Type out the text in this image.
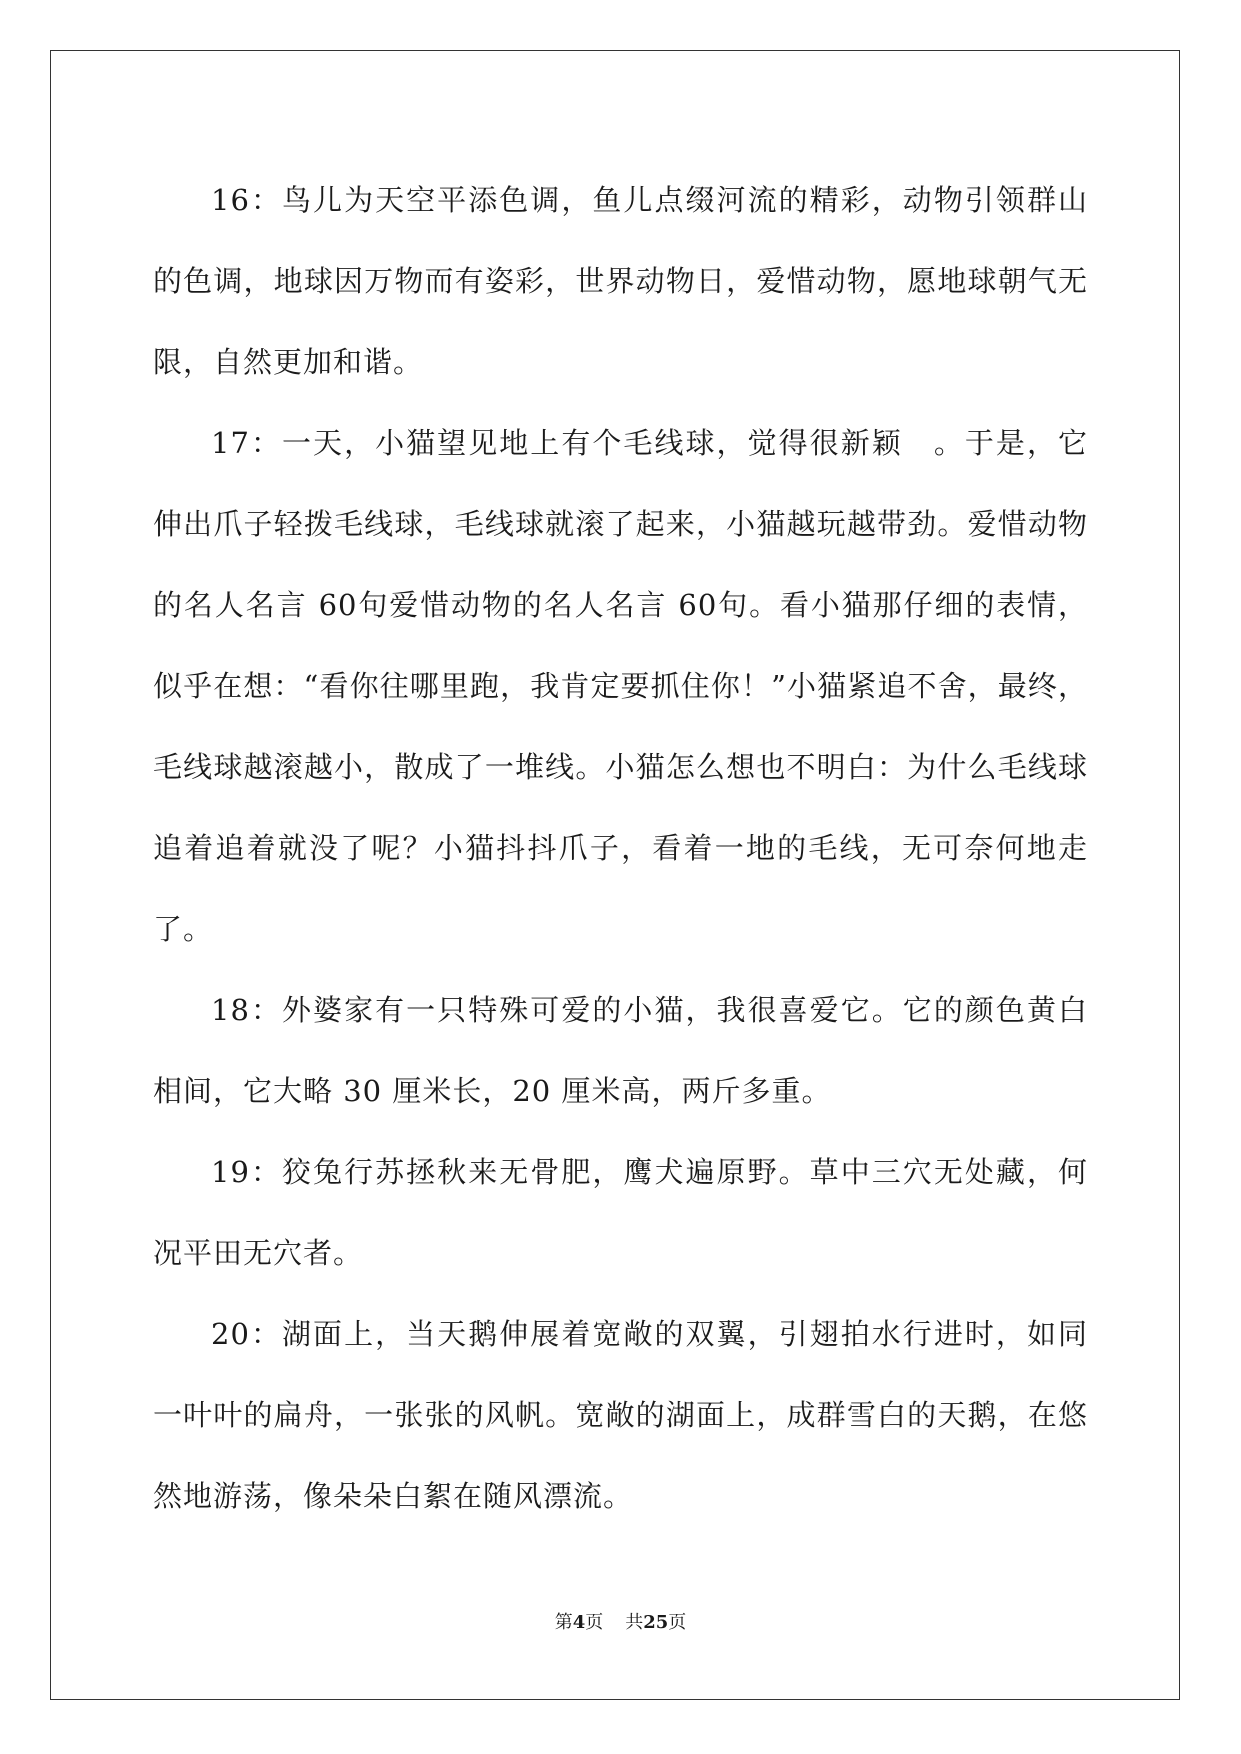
16：鸟儿为天空平添色调，鱼儿点缀河流的精彩，动物引领群山的色调，地球因万物而有姿彩，世界动物日，爱惜动物，愿地球朝气无限，自然更加和谐。

17：一天，小猫望见地上有个毛线球，觉得很新颖　。于是，它伸出爪子轻拨毛线球，毛线球就滚了起来，小猫越玩越带劲。爱惜动物的名人名言 60句爱惜动物的名人名言 60句。看小猫那仔细的表情，似乎在想：“看你往哪里跑，我肯定要抓住你！”小猫紧追不舍，最终，毛线球越滚越小，散成了一堆线。小猫怎么想也不明白：为什么毛线球追着追着就没了呢？小猫抖抖爪子，看着一地的毛线，无可奈何地走了。

18：外婆家有一只特殊可爱的小猫，我很喜爱它。它的颜色黄白相间，它大略 30 厘米长，20 厘米高，两斤多重。

19：狡兔行苏拯秋来无骨肥，鹰犬遍原野。草中三穴无处藏，何况平田无穴者。

20：湖面上，当天鹅伸展着宽敞的双翼，引翅拍水行进时，如同一叶叶的扁舟，一张张的风帆。宽敞的湖面上，成群雪白的天鹅，在悠然地游荡，像朵朵白絮在随风漂流。

第4页 共25页
